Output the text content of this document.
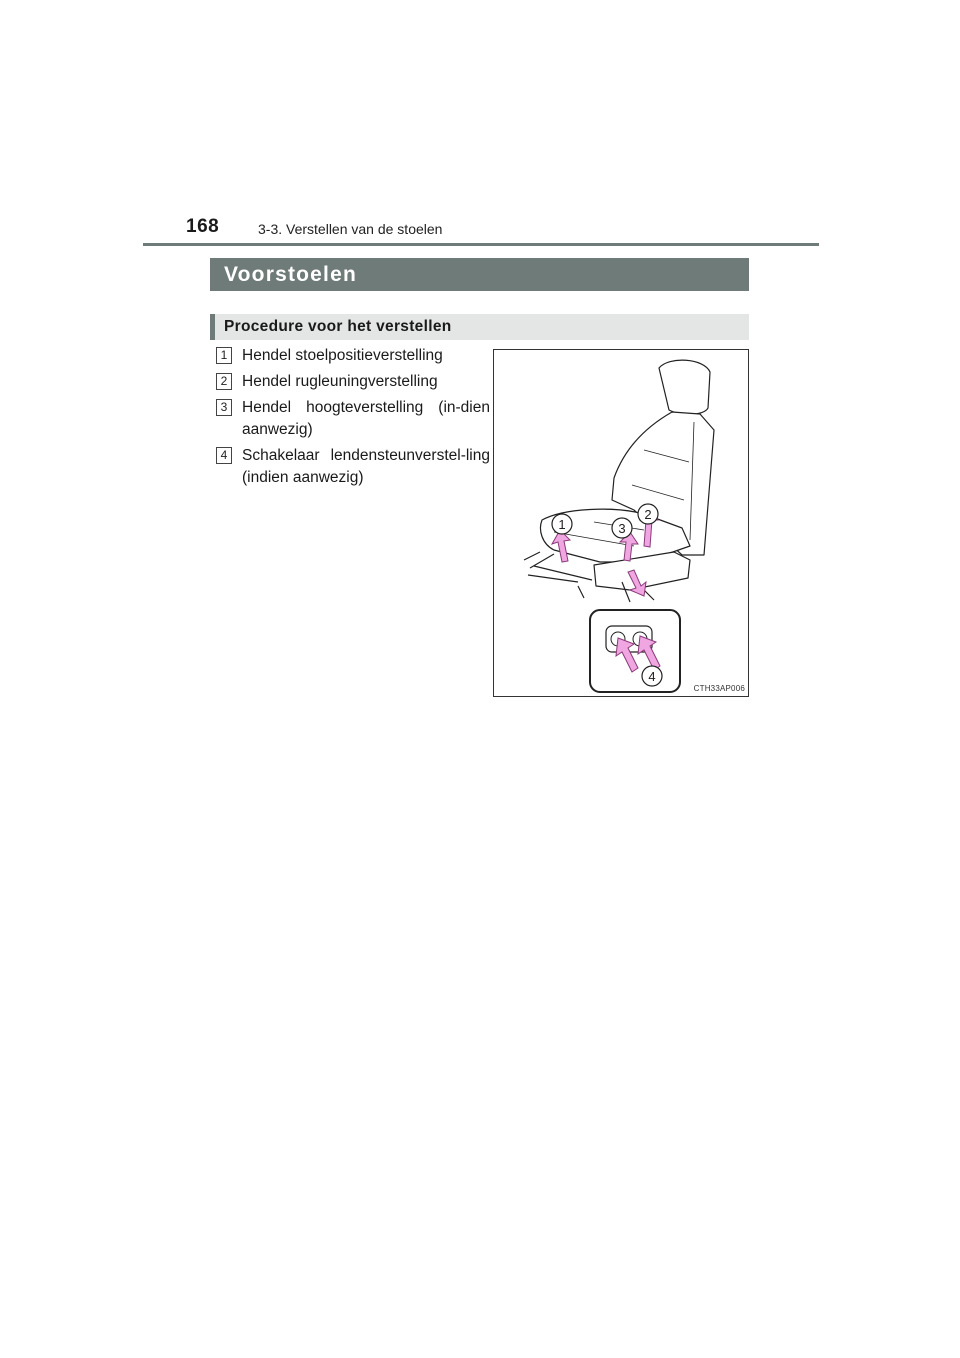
168	3-3. Verstellen van de stoelen
Voorstoelen
Procedure voor het verstellen
1 Hendel stoelpositieverstelling
2 Hendel rugleuningverstelling
3 Hendel hoogteverstelling (in-dien aanwezig)
4 Schakelaar lendensteunverstel-ling (indien aanwezig)
1
2
3
4
CTH33AP006
